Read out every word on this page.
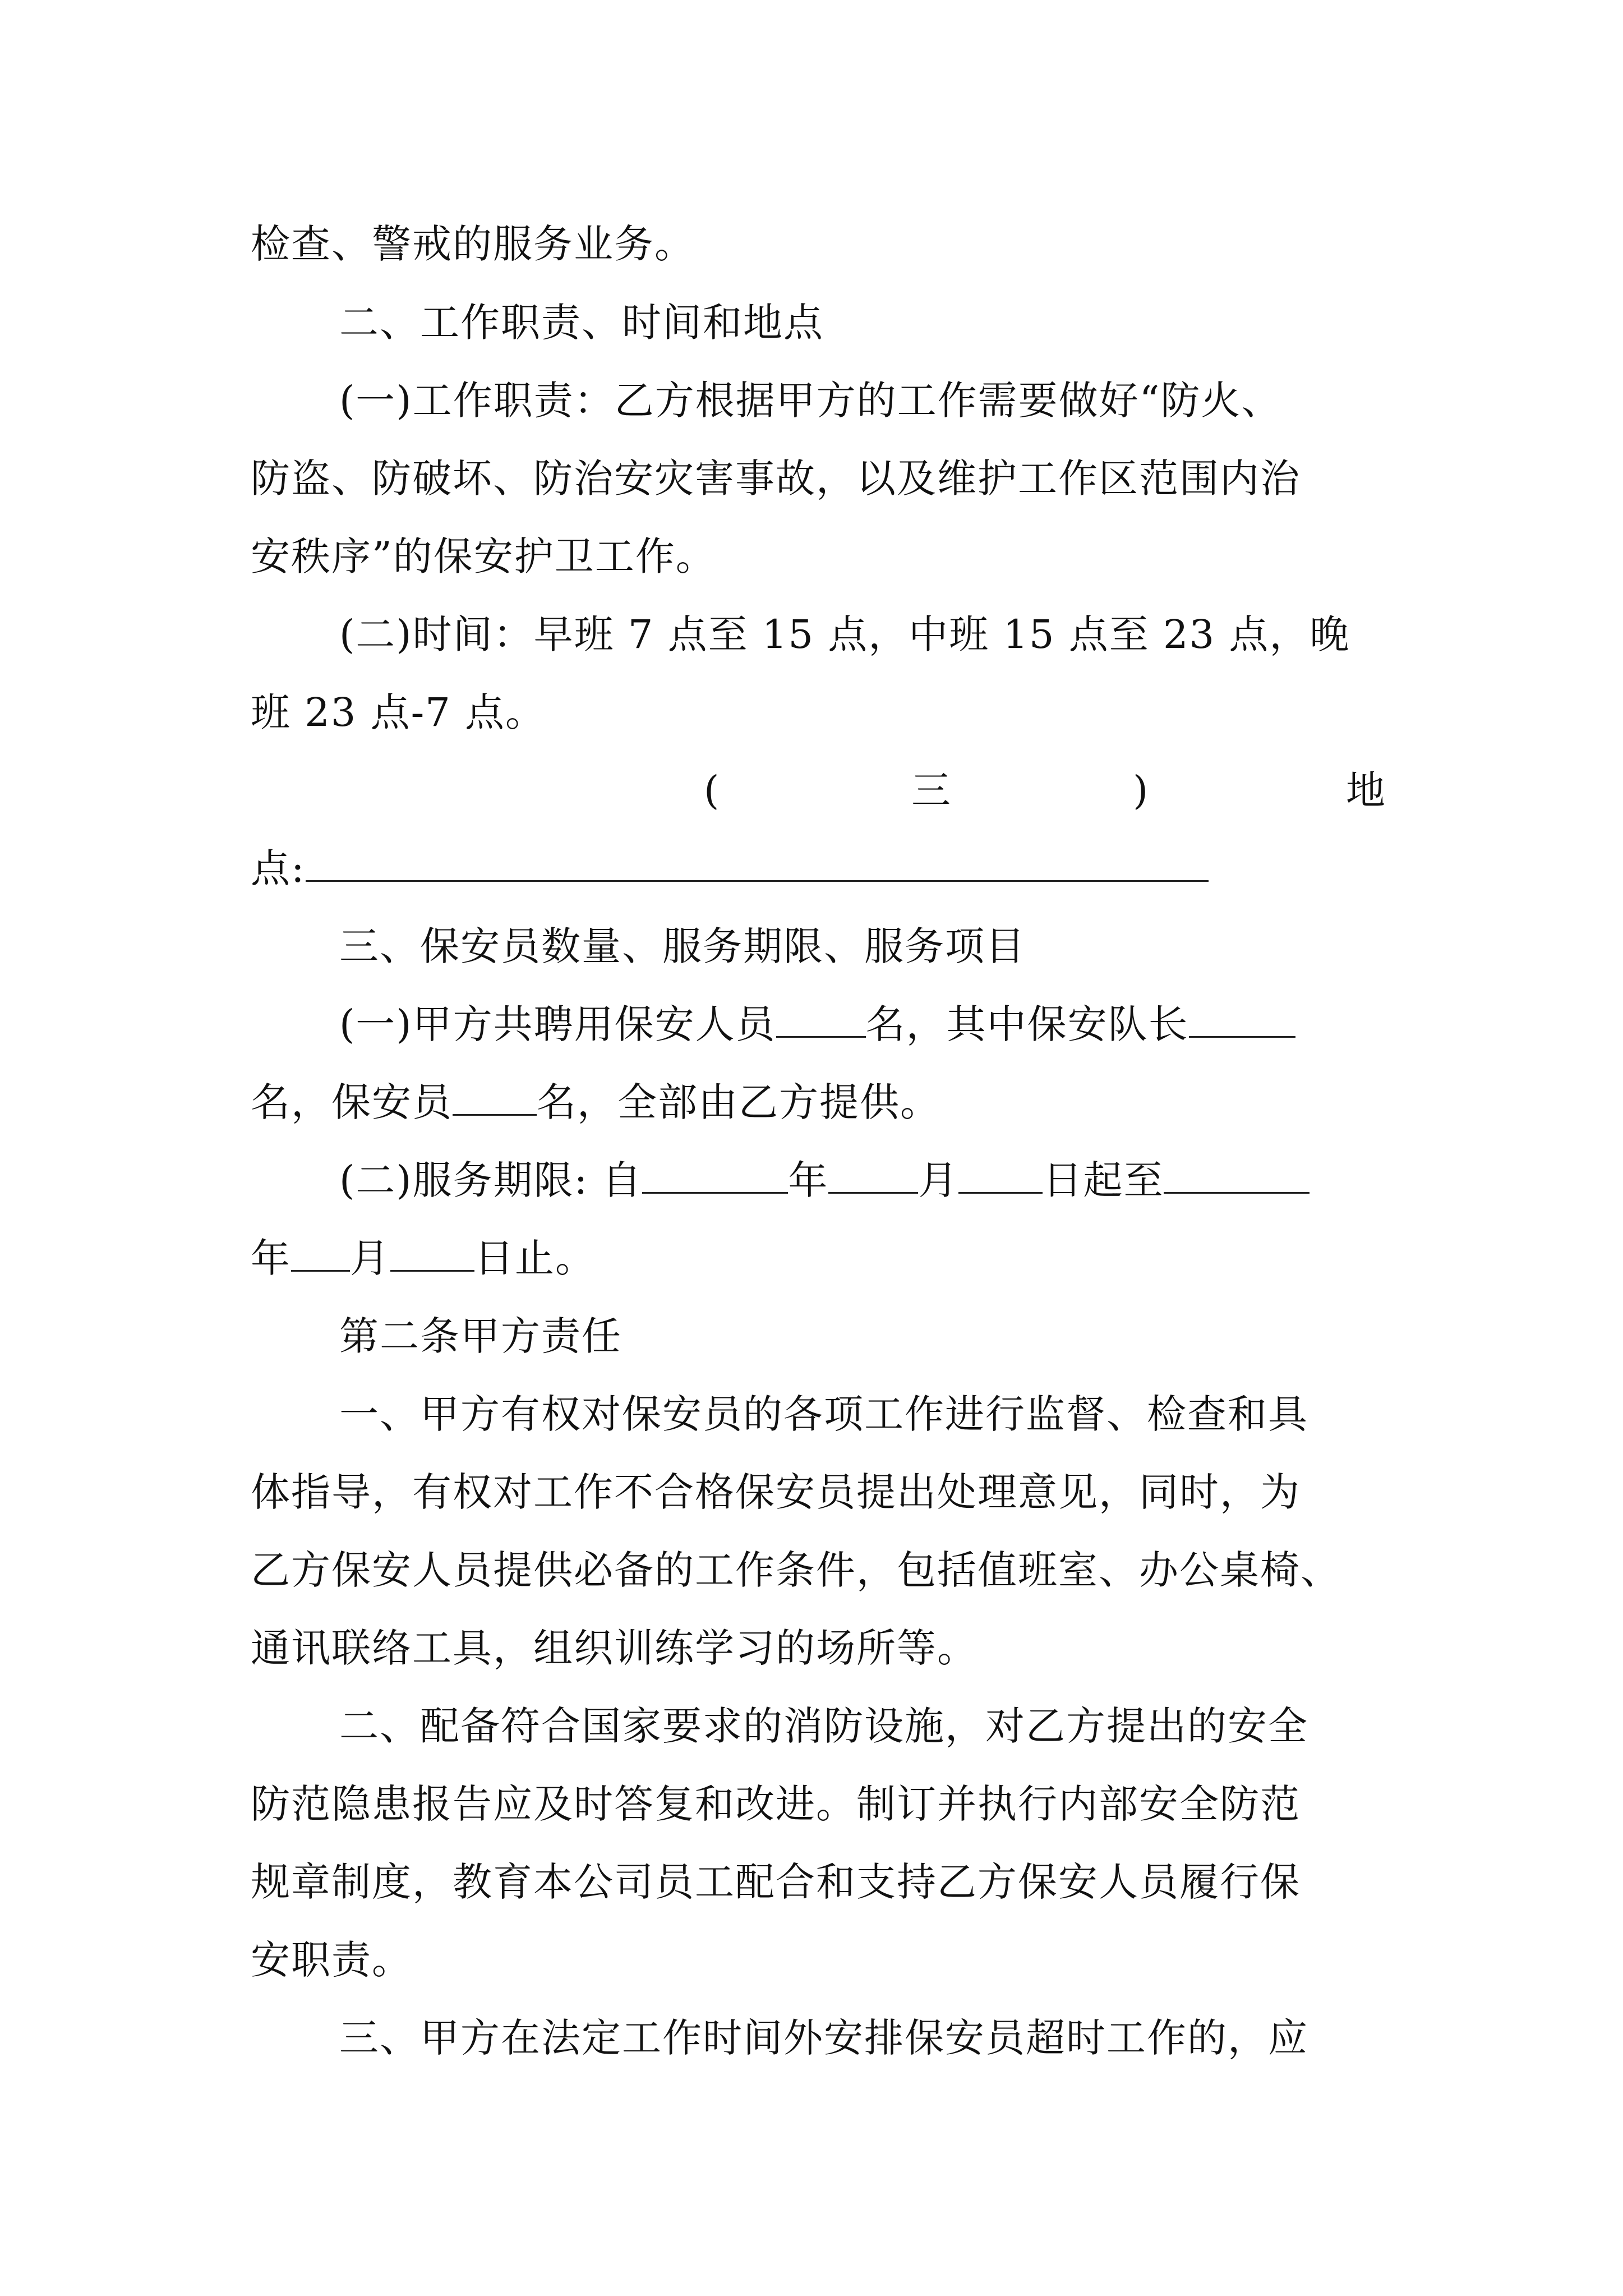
检查、警戒的服务业务。
二、工作职责、时间和地点
(一)工作职责：乙方根据甲方的工作需要做好“防火、
防盗、防破坏、防治安灾害事故，以及维护工作区范围内治
安秩序”的保安护卫工作。
(二)时间：早班 7 点至 15 点，中班 15 点至 23 点，晚
班 23 点-7 点。
(	三	)	地
点:
三、保安员数量、服务期限、服务项目
(一)甲方共聘用保安人员 名，其中保安队长
名，保安员 名，全部由乙方提供。
(二)服务期限: 自	年 月 日起至
年 月 日止。
第二条甲方责任
一、甲方有权对保安员的各项工作进行监督、检查和具
体指导，有权对工作不合格保安员提出处理意见，同时，为
乙方保安人员提供必备的工作条件，包括值班室、办公桌椅、
通讯联络工具，组织训练学习的场所等。
二、配备符合国家要求的消防设施，对乙方提出的安全
防范隐患报告应及时答复和改进。制订并执行内部安全防范
规章制度，教育本公司员工配合和支持乙方保安人员履行保
安职责。
三、甲方在法定工作时间外安排保安员超时工作的，应
